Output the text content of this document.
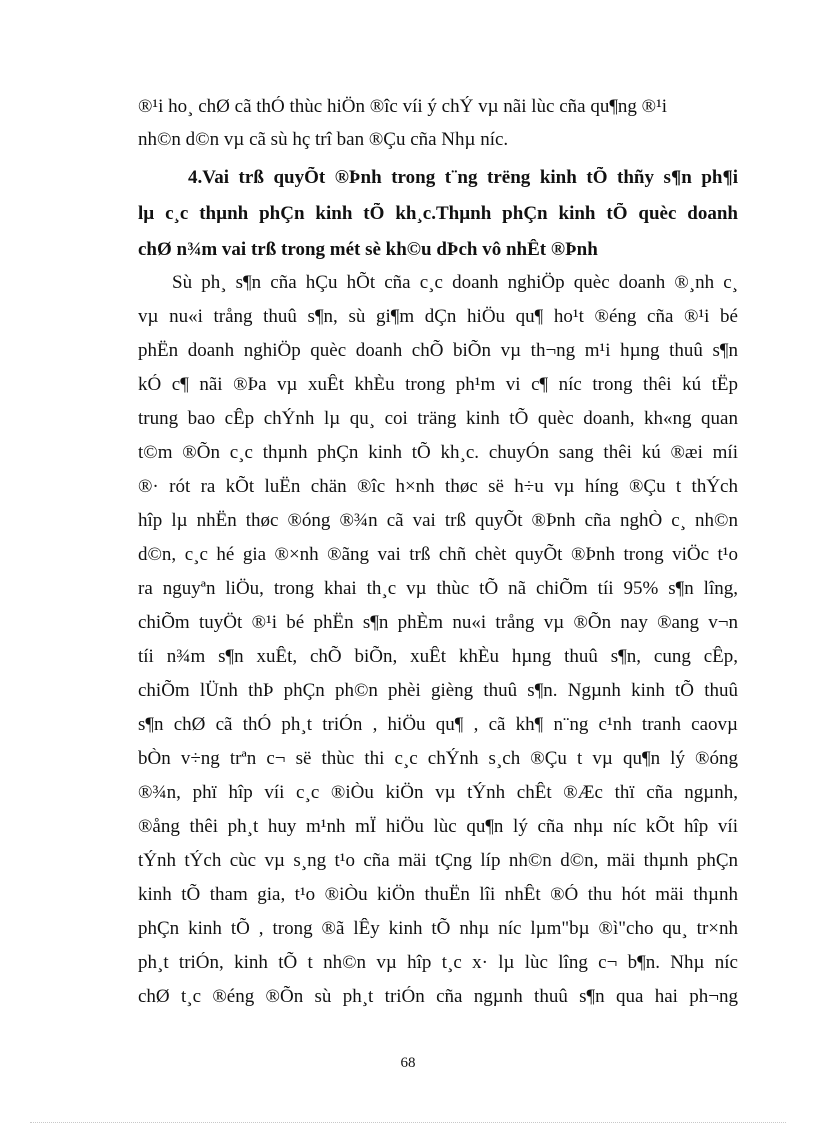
®¹i ho¸ chØ cã thÓ thùc hiÖn ®îc víi ý chÝ vµ nãi lùc cña qu¶ng ®¹i
nh©n d©n vµ cã sù hç trî ban ®Çu cña Nhµ níc.
4.Vai trß quyÕt ®Þnh trong t¨ng trëng kinh tÕ thñy s¶n ph¶i
lµ c¸c thµnh phÇn kinh tÕ kh¸c.Thµnh phÇn kinh tÕ quèc doanh
chØ n¾m vai trß trong mét sè kh©u dÞch vô nhÊt ®Þnh
Sù ph¸ s¶n cña hÇu hÕt cña c¸c doanh nghiÖp quèc doanh ®¸nh c¸
vµ nu«i trång thuû s¶n, sù gi¶m dÇn hiÖu qu¶ ho¹t ®éng cña ®¹i bé
phËn doanh nghiÖp quèc doanh chÕ biÕn vµ th¬ng m¹i hµng thuû s¶n
kÓ c¶ nãi ®Þa vµ xuÊt khÈu trong ph¹m vi c¶ níc trong thêi kú tËp
trung bao cÊp chÝnh lµ qu¸ coi träng kinh tÕ quèc doanh, kh«ng quan
t©m ®Õn c¸c thµnh phÇn kinh tÕ kh¸c. chuyÓn sang thêi kú ®æi míi
®· rót ra kÕt luËn chän ®îc h×nh thøc së h÷u vµ híng ®Çu t thÝch
hîp lµ nhËn thøc ®óng ®¾n cã vai trß quyÕt ®Þnh cña nghÒ c¸ nh©n
d©n, c¸c hé gia ®×nh ®ãng vai trß chñ chèt quyÕt ®Þnh trong viÖc t¹o
ra nguyªn liÖu, trong khai th¸c vµ thùc tÕ nã chiÕm tíi 95% s¶n lîng,
chiÕm tuyÖt ®¹i bé phËn s¶n phÈm nu«i trång vµ ®Õn nay ®ang v¬n
tíi n¾m s¶n xuÊt, chÕ biÕn, xuÊt khÈu hµng thuû s¶n, cung cÊp,
chiÕm lÜnh thÞ phÇn ph©n phèi gièng thuû s¶n. Ngµnh kinh tÕ thuû
s¶n chØ cã thÓ ph¸t triÓn , hiÖu qu¶ , cã kh¶ n¨ng c¹nh tranh caovµ
bÒn v÷ng trªn c¬ së thùc thi c¸c chÝnh s¸ch ®Çu t vµ qu¶n lý ®óng
®¾n, phï hîp víi c¸c ®iÒu kiÖn vµ tÝnh chÊt ®Æc thï cña ngµnh,
®ång thêi ph¸t huy m¹nh mÏ hiÖu lùc qu¶n lý cña nhµ níc kÕt hîp víi
tÝnh tÝch cùc vµ s¸ng t¹o cña mäi tÇng líp nh©n d©n, mäi thµnh phÇn
kinh tÕ tham gia, t¹o ®iÒu kiÖn thuËn lîi nhÊt ®Ó thu hót mäi thµnh
phÇn kinh tÕ , trong ®ã lÊy kinh tÕ nhµ níc lµm"bµ ®ì"cho qu¸ tr×nh
ph¸t triÓn, kinh tÕ t nh©n vµ hîp t¸c x· lµ lùc lîng c¬ b¶n. Nhµ níc
chØ t¸c ®éng ®Õn sù ph¸t triÓn cña ngµnh thuû s¶n qua hai ph¬ng
68
